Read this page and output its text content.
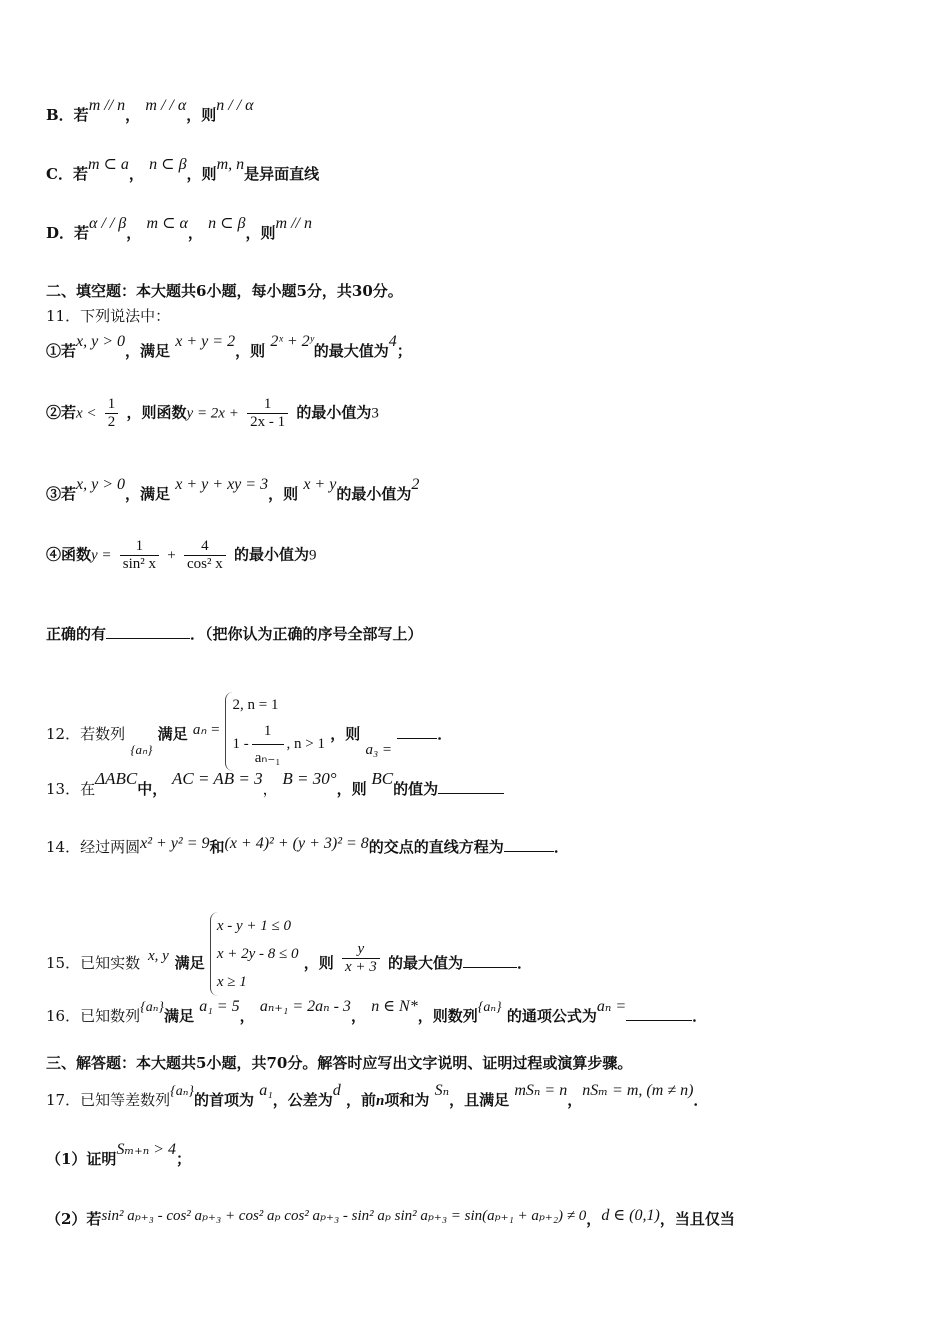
B．若m // n， m / / α，则n / / α
C．若m ⊂ a， n ⊂ β，则m, n是异面直线
D．若α / / β， m ⊂ α， n ⊂ β，则m // n
二、填空题：本大题共6小题，每小题5分，共30分。
11．下列说法中：
①若x, y > 0，满足 x + y = 2，则 2ˣ + 2ʸ的最大值为4；
②若$x < \frac{1}{2}$ ，则函数$y = 2x + \frac{1}{2x - 1}$ 的最小值为3
③若x, y > 0，满足 x + y + xy = 3，则 x + y的最小值为2
④函数$y = \frac{1}{\text{sin² x}} + \frac{4}{\text{cos² x}}$ 的最小值为9
正确的有	．（把你认为正确的序号全部写上）
12．若数列 {aₙ} 满足 aₙ =
2, n = 1
$1 - \frac{1}{\text{aₙ₋₁}}$ , n > 1
，则 a₃ = ．
13．在ΔABC中， AC = AB = 3， B = 30°，则 BC的值为
14．经过两圆x² + y² = 9和(x + 4)² + (y + 3)² = 8的交点的直线方程为	．
15．已知实数 x, y 满足
x - y + 1 ≤ 0
x + 2y - 8 ≤ 0
x ≥ 1
，则 $\frac{y}{x + 3}$ 的最大值为	．
16．已知数列{aₙ}满足 a₁ = 5， aₙ₊₁ = 2aₙ - 3， n ∈ N*，则数列{aₙ} 的通项公式为aₙ =．
三、解答题：本大题共5小题，共70分。解答时应写出文字说明、证明过程或演算步骤。
17．已知等差数列{aₙ}的首项为 a₁，公差为d ，前n项和为 Sₙ，且满足 mSₙ = n，nSₘ = m, (m ≠ n)．
（1）证明Sₘ₊ₙ > 4；
（2）若sin² aₚ₊₃ - cos² aₚ₊₃ + cos² aₚ cos² aₚ₊₃ - sin² aₚ sin² aₚ₊₃ = sin(aₚ₊₁ + aₚ₊₂) ≠ 0，d ∈ (0,1)，当且仅当
